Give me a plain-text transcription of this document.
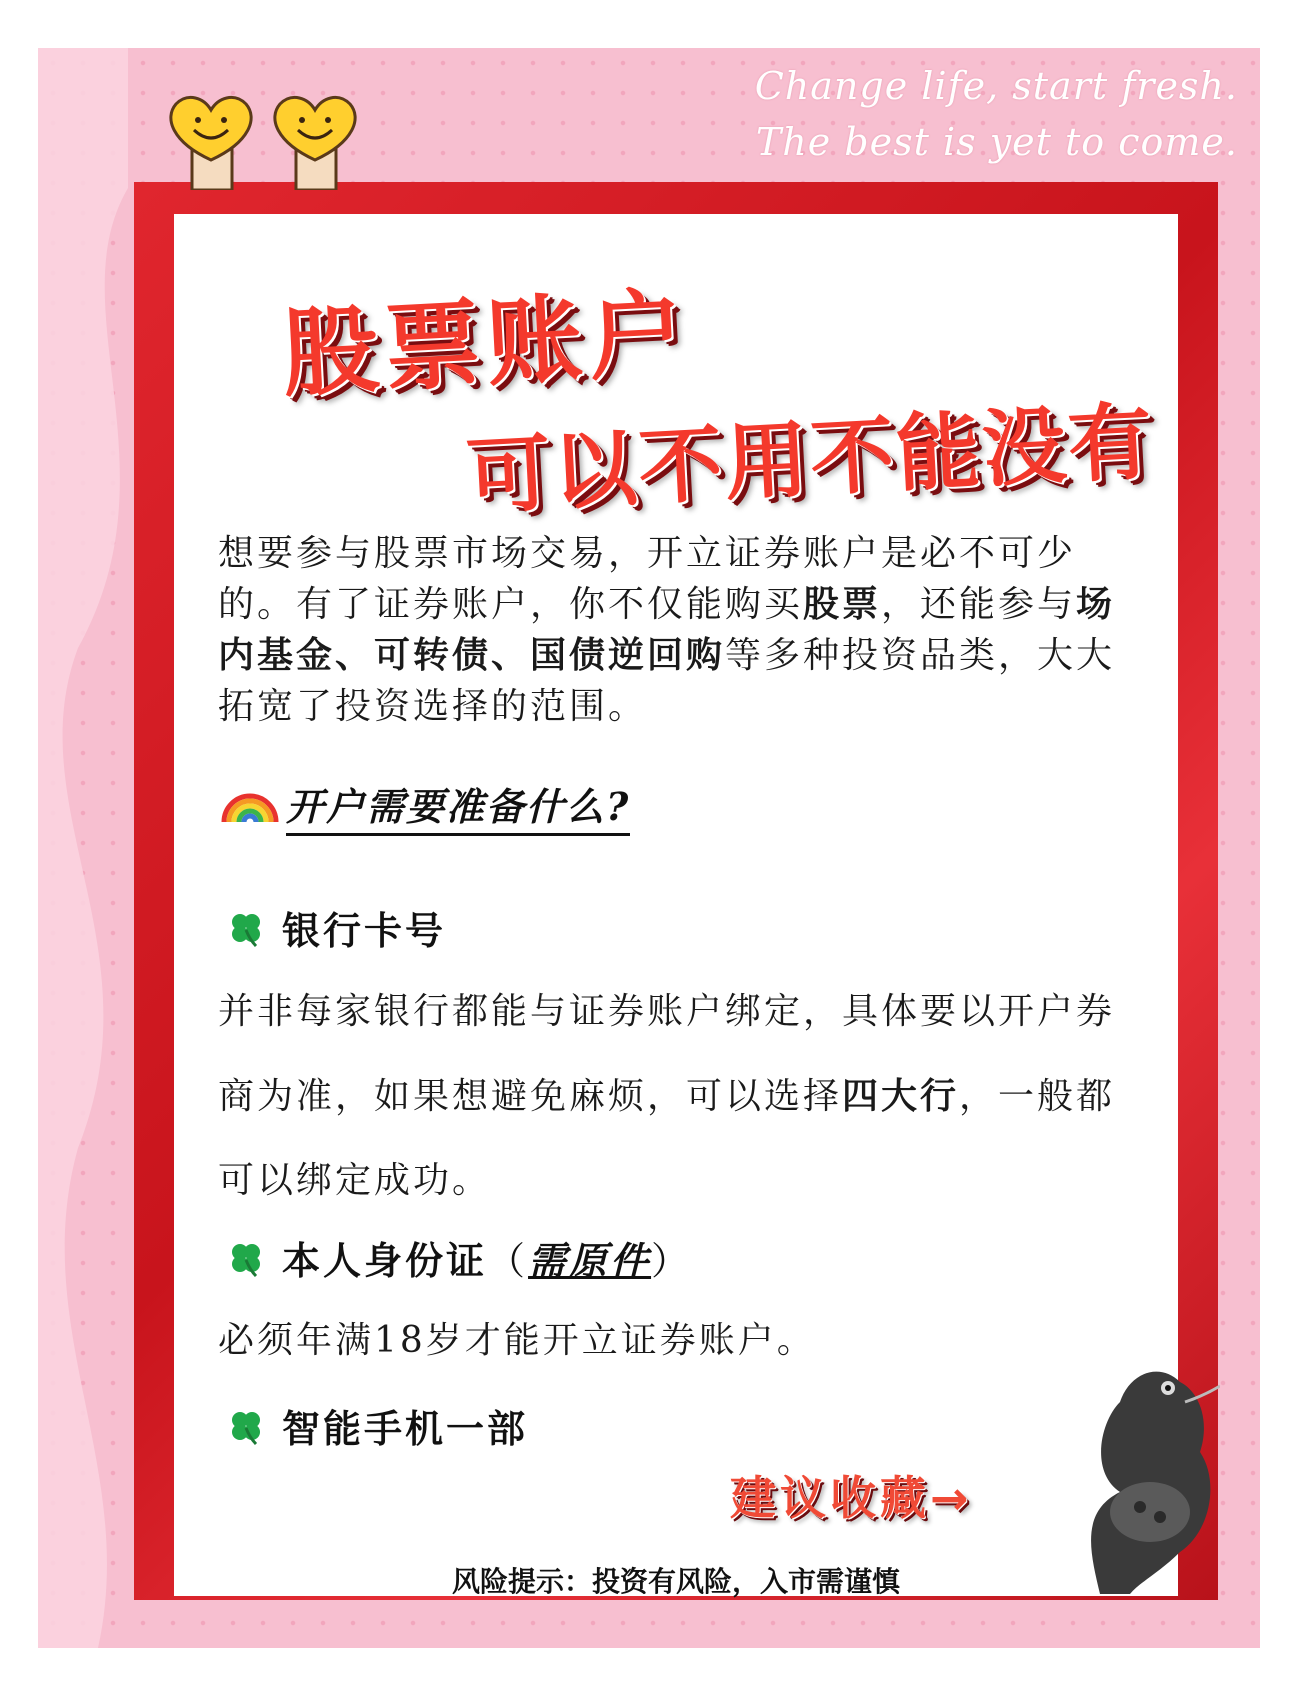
Change life, start fresh.
The best is yet to come.
股票账户
可以不用不能没有
想要参与股票市场交易，开立证券账户是必不可少的。有了证券账户，你不仅能购买股票，还能参与场内基金、可转债、国债逆回购等多种投资品类，大大拓宽了投资选择的范围。
开户需要准备什么?
银行卡号
并非每家银行都能与证券账户绑定，具体要以开户券商为准，如果想避免麻烦，可以选择四大行，一般都可以绑定成功。
本人身份证 （ 需原件 ）
必须年满18岁才能开立证券账户。
智能手机一部
建议收藏→
风险提示：投资有风险，入市需谨慎
